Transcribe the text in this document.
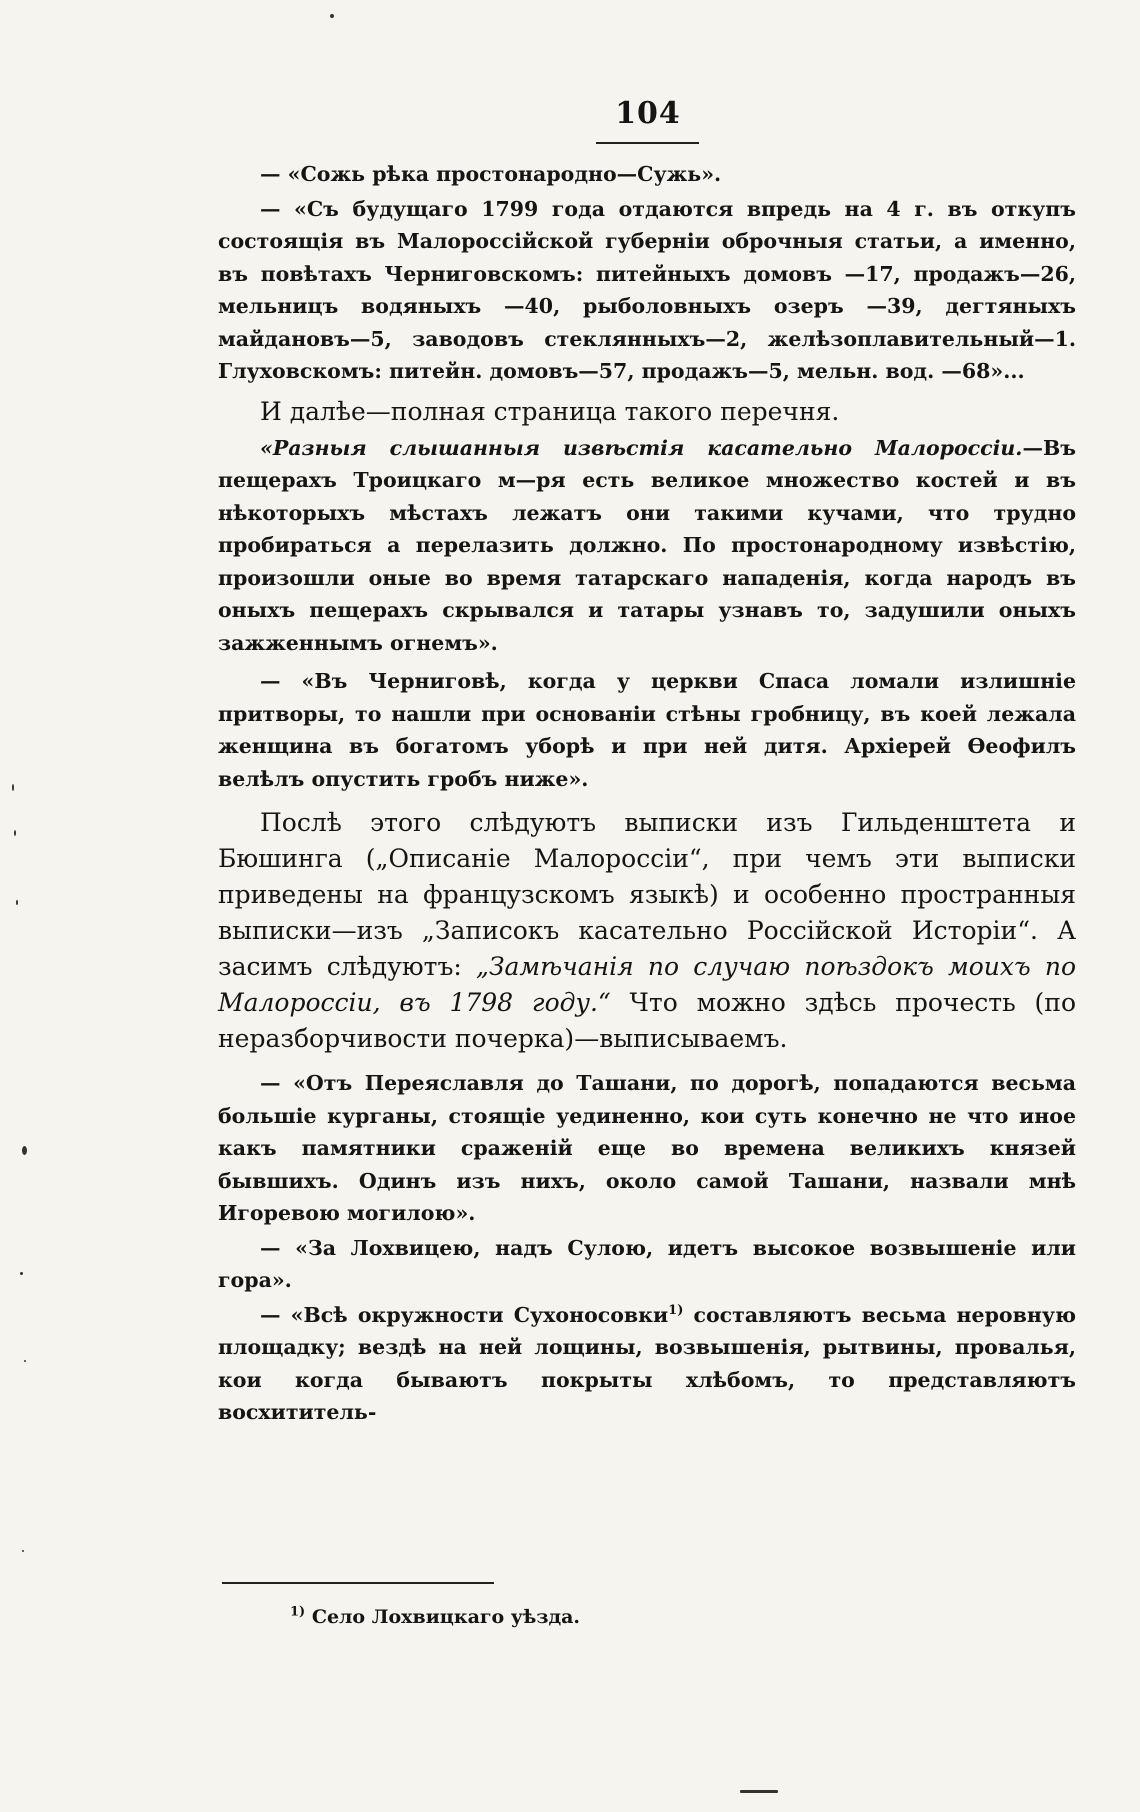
104

— «Сожь рѣка простонародно—Сужь».

— «Съ будущаго 1799 года отдаются впредь на 4 г. въ откупъ состоящія въ Малороссійской губерніи оброчныя статьи, а именно, въ повѣтахъ Черниговскомъ: питейныхъ домовъ —17, продажъ—26, мельницъ водяныхъ —40, рыболовныхъ озеръ —39, дегтяныхъ майдановъ—5, заводовъ стеклянныхъ—2, желѣзоплавительный—1. Глуховскомъ: питейн. домовъ—57, продажъ—5, мельн. вод. —68»...

И далѣе—полная страница такого перечня.

«Разныя слышанныя извѣстія касательно Малороссіи.—Въ пещерахъ Троицкаго м—ря есть великое множество костей и въ нѣкоторыхъ мѣстахъ лежатъ они такими кучами, что трудно пробираться а перелазить должно. По простонародному извѣстію, произошли оные во время татарскаго нападенія, когда народъ въ оныхъ пещерахъ скрывался и татары узнавъ то, задушили оныхъ зажженнымъ огнемъ».

— «Въ Черниговѣ, когда у церкви Спаса ломали излишніе притворы, то нашли при основаніи стѣны гробницу, въ коей лежала женщина въ богатомъ уборѣ и при ней дитя. Архіерей Ѳеофилъ велѣлъ опустить гробъ ниже».

Послѣ этого слѣдуютъ выписки изъ Гильденштета и Бюшинга („Описаніе Малороссіи“, при чемъ эти выписки приведены на французскомъ языкѣ) и особенно пространныя выписки—изъ „Записокъ касательно Россійской Исторіи“. А засимъ слѣдуютъ: „Замѣчанія по случаю поѣздокъ моихъ по Малороссіи, въ 1798 году.“ Что можно здѣсь прочесть (по неразборчивости почерка)—выписываемъ.

— «Отъ Переяславля до Ташани, по дорогѣ, попадаются весьма большіе курганы, стоящіе уединенно, кои суть конечно не что иное какъ памятники сраженій еще во времена великихъ князей бывшихъ. Одинъ изъ нихъ, около самой Ташани, назвали мнѣ Игоревою могилою».

— «За Лохвицею, надъ Сулою, идетъ высокое возвышеніе или гора».

— «Всѣ окружности Сухоносовки$^{1)}$ составляютъ весьма неровную площадку; вездѣ на ней лощины, возвышенія, рытвины, провалья, кои когда бываютъ покрыты хлѣбомъ, то представляютъ восхититель-

$^{1)}$ Село Лохвицкаго уѣзда.
